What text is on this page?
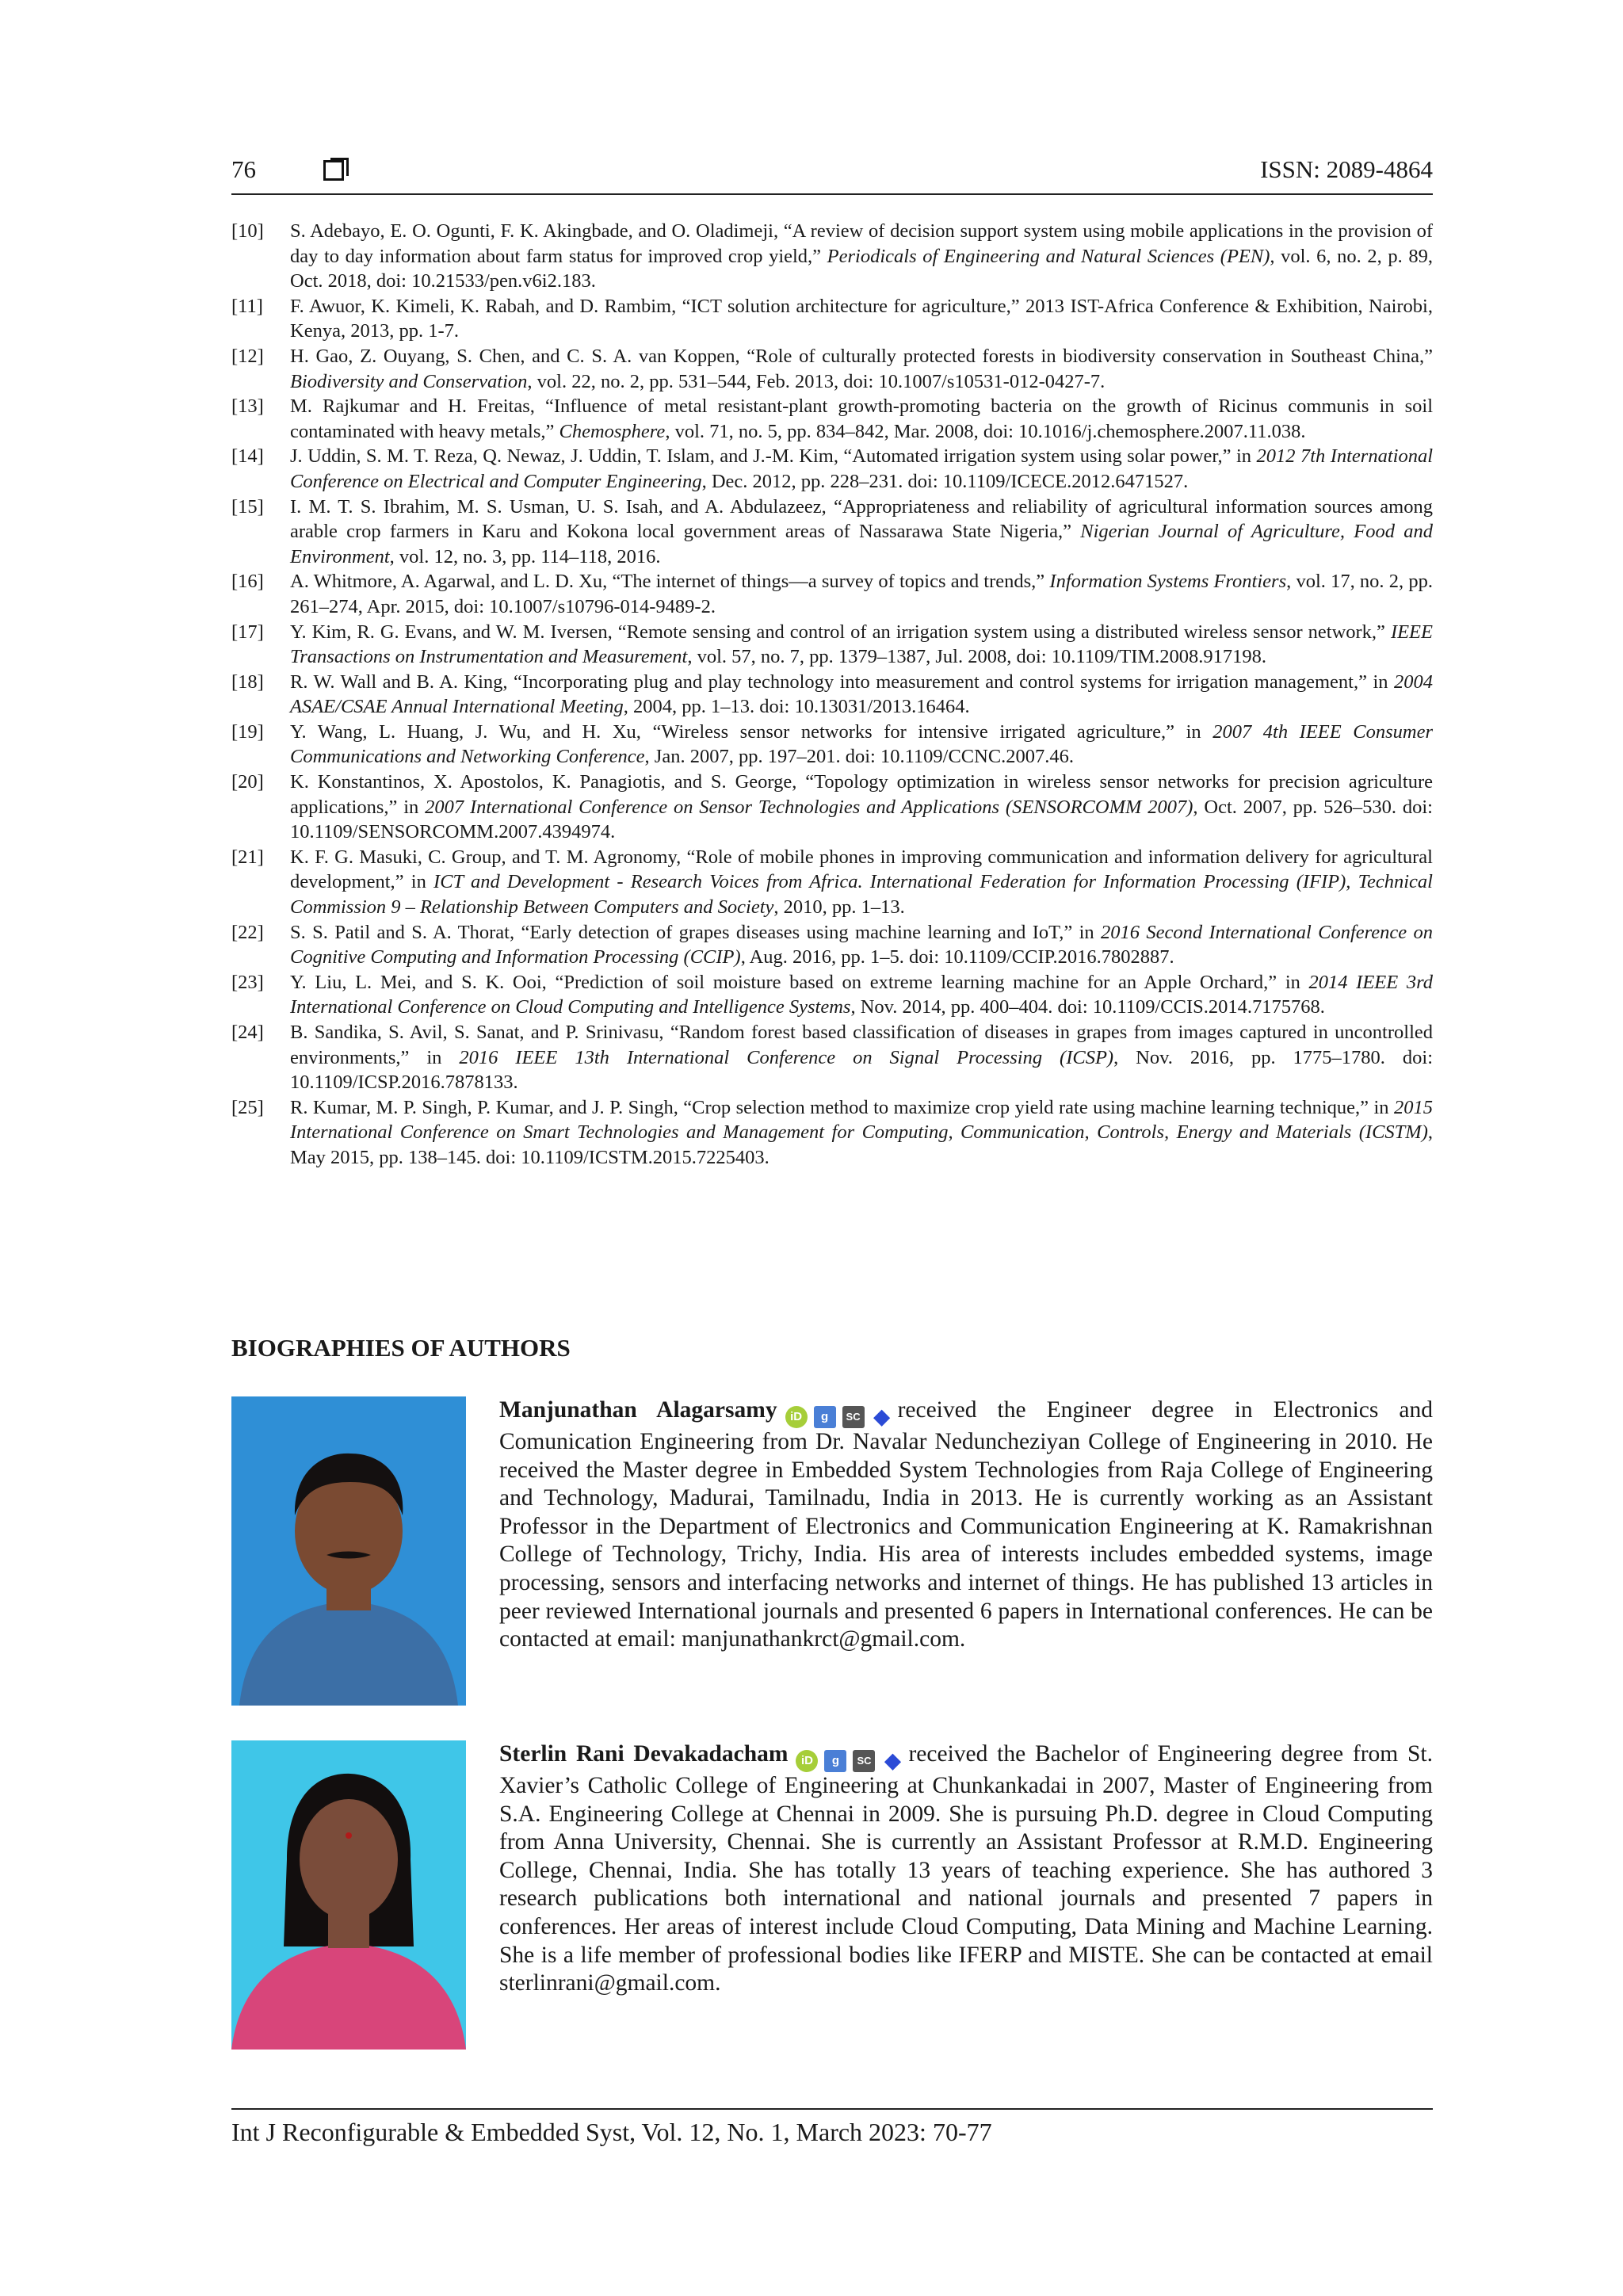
76	ISSN: 2089-4864
[10]	S. Adebayo, E. O. Ogunti, F. K. Akingbade, and O. Oladimeji, “A review of decision support system using mobile applications in the provision of day to day information about farm status for improved crop yield,” Periodicals of Engineering and Natural Sciences (PEN), vol. 6, no. 2, p. 89, Oct. 2018, doi: 10.21533/pen.v6i2.183.
[11]	F. Awuor, K. Kimeli, K. Rabah, and D. Rambim, “ICT solution architecture for agriculture,” 2013 IST-Africa Conference & Exhibition, Nairobi, Kenya, 2013, pp. 1-7.
[12]	H. Gao, Z. Ouyang, S. Chen, and C. S. A. van Koppen, “Role of culturally protected forests in biodiversity conservation in Southeast China,” Biodiversity and Conservation, vol. 22, no. 2, pp. 531–544, Feb. 2013, doi: 10.1007/s10531-012-0427-7.
[13]	M. Rajkumar and H. Freitas, “Influence of metal resistant-plant growth-promoting bacteria on the growth of Ricinus communis in soil contaminated with heavy metals,” Chemosphere, vol. 71, no. 5, pp. 834–842, Mar. 2008, doi: 10.1016/j.chemosphere.2007.11.038.
[14]	J. Uddin, S. M. T. Reza, Q. Newaz, J. Uddin, T. Islam, and J.-M. Kim, “Automated irrigation system using solar power,” in 2012 7th International Conference on Electrical and Computer Engineering, Dec. 2012, pp. 228–231. doi: 10.1109/ICECE.2012.6471527.
[15]	I. M. T. S. Ibrahim, M. S. Usman, U. S. Isah, and A. Abdulazeez, “Appropriateness and reliability of agricultural information sources among arable crop farmers in Karu and Kokona local government areas of Nassarawa State Nigeria,” Nigerian Journal of Agriculture, Food and Environment, vol. 12, no. 3, pp. 114–118, 2016.
[16]	A. Whitmore, A. Agarwal, and L. D. Xu, “The internet of things—a survey of topics and trends,” Information Systems Frontiers, vol. 17, no. 2, pp. 261–274, Apr. 2015, doi: 10.1007/s10796-014-9489-2.
[17]	Y. Kim, R. G. Evans, and W. M. Iversen, “Remote sensing and control of an irrigation system using a distributed wireless sensor network,” IEEE Transactions on Instrumentation and Measurement, vol. 57, no. 7, pp. 1379–1387, Jul. 2008, doi: 10.1109/TIM.2008.917198.
[18]	R. W. Wall and B. A. King, “Incorporating plug and play technology into measurement and control systems for irrigation management,” in 2004 ASAE/CSAE Annual International Meeting, 2004, pp. 1–13. doi: 10.13031/2013.16464.
[19]	Y. Wang, L. Huang, J. Wu, and H. Xu, “Wireless sensor networks for intensive irrigated agriculture,” in 2007 4th IEEE Consumer Communications and Networking Conference, Jan. 2007, pp. 197–201. doi: 10.1109/CCNC.2007.46.
[20]	K. Konstantinos, X. Apostolos, K. Panagiotis, and S. George, “Topology optimization in wireless sensor networks for precision agriculture applications,” in 2007 International Conference on Sensor Technologies and Applications (SENSORCOMM 2007), Oct. 2007, pp. 526–530. doi: 10.1109/SENSORCOMM.2007.4394974.
[21]	K. F. G. Masuki, C. Group, and T. M. Agronomy, “Role of mobile phones in improving communication and information delivery for agricultural development,” in ICT and Development - Research Voices from Africa. International Federation for Information Processing (IFIP), Technical Commission 9 – Relationship Between Computers and Society, 2010, pp. 1–13.
[22]	S. S. Patil and S. A. Thorat, “Early detection of grapes diseases using machine learning and IoT,” in 2016 Second International Conference on Cognitive Computing and Information Processing (CCIP), Aug. 2016, pp. 1–5. doi: 10.1109/CCIP.2016.7802887.
[23]	Y. Liu, L. Mei, and S. K. Ooi, “Prediction of soil moisture based on extreme learning machine for an Apple Orchard,” in 2014 IEEE 3rd International Conference on Cloud Computing and Intelligence Systems, Nov. 2014, pp. 400–404. doi: 10.1109/CCIS.2014.7175768.
[24]	B. Sandika, S. Avil, S. Sanat, and P. Srinivasu, “Random forest based classification of diseases in grapes from images captured in uncontrolled environments,” in 2016 IEEE 13th International Conference on Signal Processing (ICSP), Nov. 2016, pp. 1775–1780. doi: 10.1109/ICSP.2016.7878133.
[25]	R. Kumar, M. P. Singh, P. Kumar, and J. P. Singh, “Crop selection method to maximize crop yield rate using machine learning technique,” in 2015 International Conference on Smart Technologies and Management for Computing, Communication, Controls, Energy and Materials (ICSTM), May 2015, pp. 138–145. doi: 10.1109/ICSTM.2015.7225403.
BIOGRAPHIES OF AUTHORS
Manjunathan Alagarsamy	iD	g	SC ◆ received the Engineer degree in Electronics and Comunication Engineering from Dr. Navalar Neduncheziyan College of Engineering in 2010. He received the Master degree in Embedded System Technologies from Raja College of Engineering and Technology, Madurai, Tamilnadu, India in 2013. He is currently working as an Assistant Professor in the Department of Electronics and Communication Engineering at K. Ramakrishnan College of Technology, Trichy, India. His area of interests includes embedded systems, image processing, sensors and interfacing networks and internet of things. He has published 13 articles in peer reviewed International journals and presented 6 papers in International conferences. He can be contacted at email: manjunathankrct@gmail.com.
Sterlin Rani Devakadacham	iD	g	SC ◆ received the Bachelor of Engineering degree from St. Xavier’s Catholic College of Engineering at Chunkankadai in 2007, Master of Engineering from S.A. Engineering College at Chennai in 2009. She is pursuing Ph.D. degree in Cloud Computing from Anna University, Chennai. She is currently an Assistant Professor at R.M.D. Engineering College, Chennai, India. She has totally 13 years of teaching experience. She has authored 3 research publications both international and national journals and presented 7 papers in conferences. Her areas of interest include Cloud Computing, Data Mining and Machine Learning. She is a life member of professional bodies like IFERP and MISTE. She can be contacted at email sterlinrani@gmail.com.
Int J Reconfigurable & Embedded Syst, Vol. 12, No. 1, March 2023: 70-77
